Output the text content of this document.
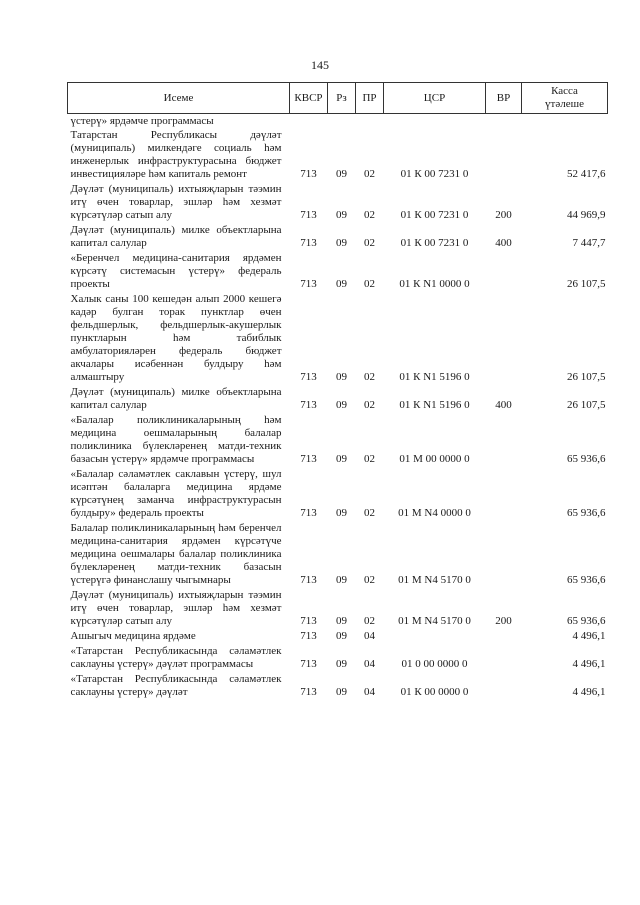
145
Исеме	КВСР	Рз	ПР	ЦСР	ВР	Касса
үтәлеше

үстерү» ярдәмче программасы						
Татарстан Республикасы дәүләт (муниципаль) милкендәге социаль һәм инженерлык инфраструктурасына бюджет инвестицияләре һәм капиталь ремонт	713	09	02	01 К 00 7231 0		52 417,6
Дәүләт (муниципаль) ихтыяҗларын тәэмин итү өчен товарлар, эшләр һәм хезмәт күрсәтүләр сатып алу	713	09	02	01 К 00 7231 0	200	44 969,9
Дәүләт (муниципаль) милке объектларына капитал салулар	713	09	02	01 К 00 7231 0	400	7 447,7
«Беренчел медицина-санитария ярдәмен күрсәтү системасын үстерү» федераль проекты	713	09	02	01 К N1 0000 0		26 107,5
Халык саны 100 кешедән алып 2000 кешегә кадәр булган торак пунктлар өчен фельдшерлык, фельдшерлык-акушерлык пунктларын һәм табиблык амбулаторияләрен федераль бюджет акчалары исәбеннән булдыру һәм алмаштыру	713	09	02	01 К N1 5196 0		26 107,5
Дәүләт (муниципаль) милке объектларына капитал салулар	713	09	02	01 К N1 5196 0	400	26 107,5
«Балалар поликлиникаларының һәм медицина оешмаларының балалар поликлиника бүлекләренең матди-техник базасын үстерү» ярдәмче программасы	713	09	02	01 М 00 0000 0		65 936,6
«Балалар сәламәтлек саклавын үстерү, шул исәптән балаларга медицина ярдәме күрсәтүнең заманча инфраструктурасын булдыру» федераль проекты	713	09	02	01 М N4 0000 0		65 936,6
Балалар поликлиникаларының һәм беренчел медицина-санитария ярдәмен күрсәтүче медицина оешмалары балалар поликлиника бүлекләренең матди-техник базасын үстерүгә финанслашу чыгымнары	713	09	02	01 М N4 5170 0		65 936,6
Дәүләт (муниципаль) ихтыяҗларын тәэмин итү өчен товарлар, эшләр һәм хезмәт күрсәтүләр сатып алу	713	09	02	01 М N4 5170 0	200	65 936,6
Ашыгыч медицина ярдәме	713	09	04			4 496,1
«Татарстан Республикасында сәламәтлек саклауны үстерү» дәүләт программасы	713	09	04	01 0 00 0000 0		4 496,1
«Татарстан Республикасында сәламәтлек саклауны үстерү» дәүләт	713	09	04	01 К 00 0000 0		4 496,1
